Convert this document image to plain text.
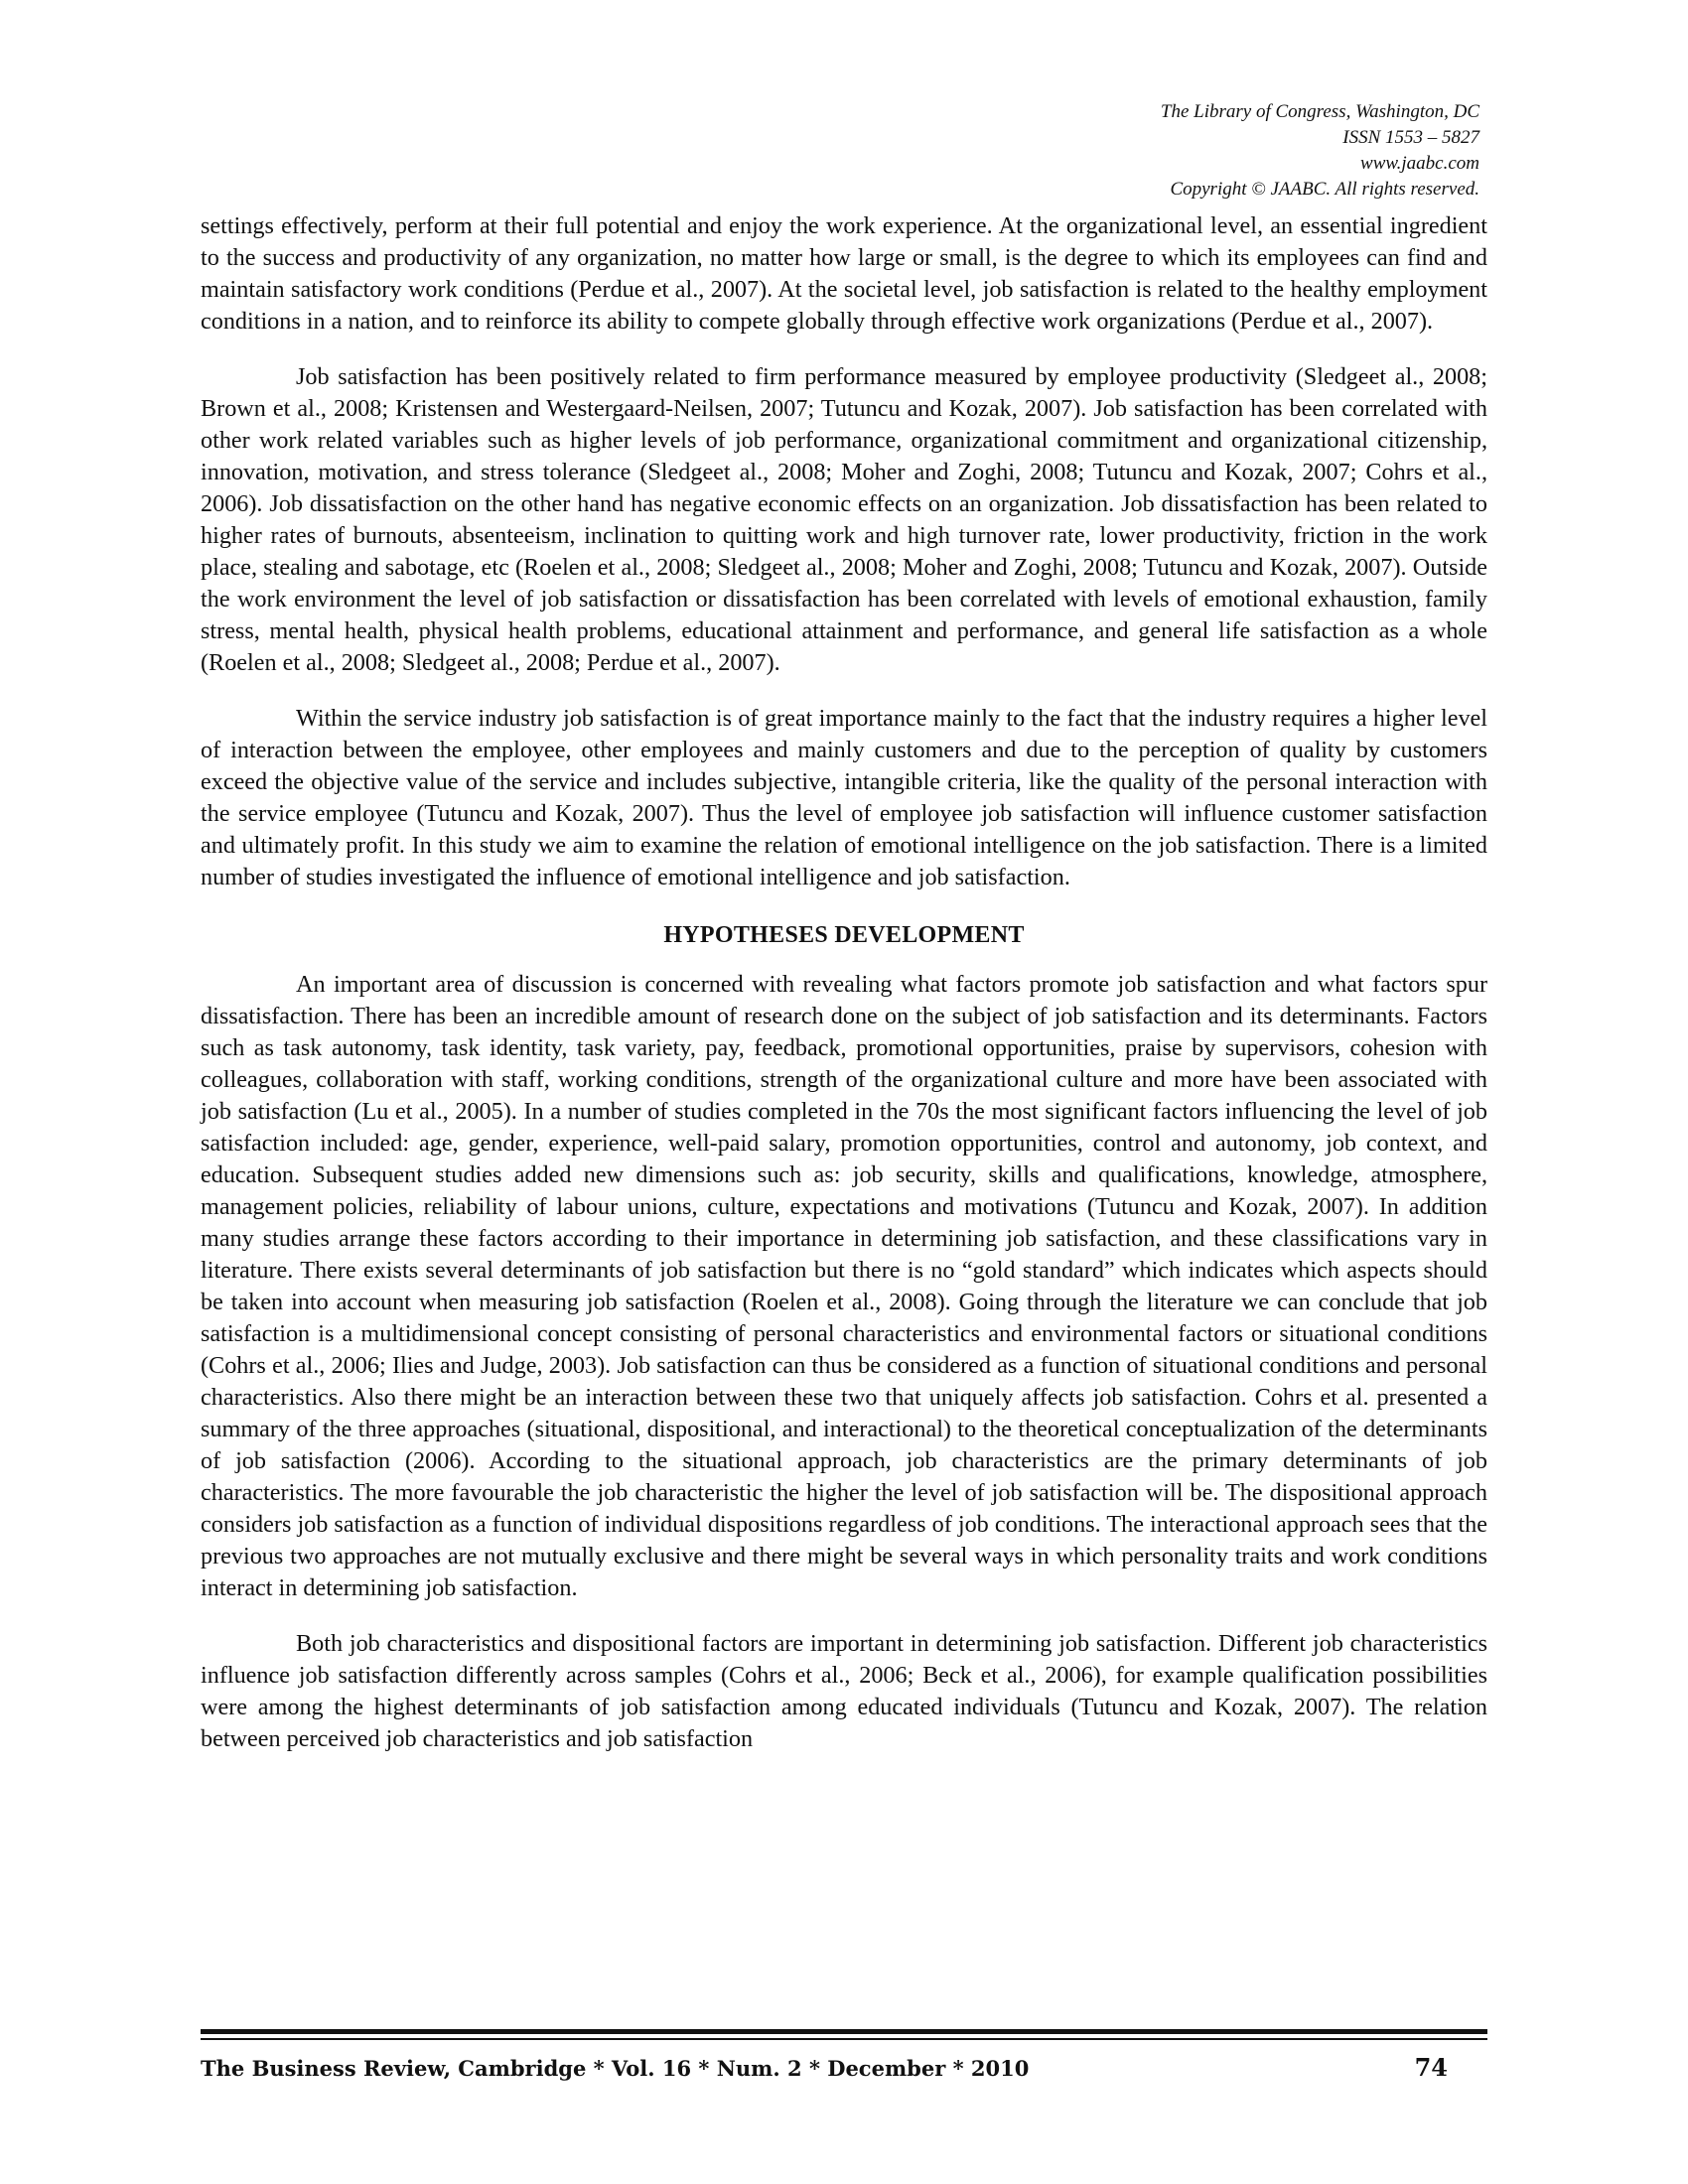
The Library of Congress, Washington, DC
ISSN 1553 – 5827
www.jaabc.com
Copyright © JAABC. All rights reserved.

settings effectively, perform at their full potential and enjoy the work experience. At the organizational level, an essential ingredient to the success and productivity of any organization, no matter how large or small, is the degree to which its employees can find and maintain satisfactory work conditions (Perdue et al., 2007). At the societal level, job satisfaction is related to the healthy employment conditions in a nation, and to reinforce its ability to compete globally through effective work organizations (Perdue et al., 2007).

Job satisfaction has been positively related to firm performance measured by employee productivity (Sledgeet al., 2008; Brown et al., 2008; Kristensen and Westergaard-Neilsen, 2007; Tutuncu and Kozak, 2007). Job satisfaction has been correlated with other work related variables such as higher levels of job performance, organizational commitment and organizational citizenship, innovation, motivation, and stress tolerance (Sledgeet al., 2008; Moher and Zoghi, 2008; Tutuncu and Kozak, 2007; Cohrs et al., 2006). Job dissatisfaction on the other hand has negative economic effects on an organization. Job dissatisfaction has been related to higher rates of burnouts, absenteeism, inclination to quitting work and high turnover rate, lower productivity, friction in the work place, stealing and sabotage, etc (Roelen et al., 2008; Sledgeet al., 2008; Moher and Zoghi, 2008; Tutuncu and Kozak, 2007). Outside the work environment the level of job satisfaction or dissatisfaction has been correlated with levels of emotional exhaustion, family stress, mental health, physical health problems, educational attainment and performance, and general life satisfaction as a whole (Roelen et al., 2008; Sledgeet al., 2008; Perdue et al., 2007).

Within the service industry job satisfaction is of great importance mainly to the fact that the industry requires a higher level of interaction between the employee, other employees and mainly customers and due to the perception of quality by customers exceed the objective value of the service and includes subjective, intangible criteria, like the quality of the personal interaction with the service employee (Tutuncu and Kozak, 2007). Thus the level of employee job satisfaction will influence customer satisfaction and ultimately profit. In this study we aim to examine the relation of emotional intelligence on the job satisfaction. There is a limited number of studies investigated the influence of emotional intelligence and job satisfaction.

HYPOTHESES DEVELOPMENT

An important area of discussion is concerned with revealing what factors promote job satisfaction and what factors spur dissatisfaction. There has been an incredible amount of research done on the subject of job satisfaction and its determinants. Factors such as task autonomy, task identity, task variety, pay, feedback, promotional opportunities, praise by supervisors, cohesion with colleagues, collaboration with staff, working conditions, strength of the organizational culture and more have been associated with job satisfaction (Lu et al., 2005). In a number of studies completed in the 70s the most significant factors influencing the level of job satisfaction included: age, gender, experience, well-paid salary, promotion opportunities, control and autonomy, job context, and education. Subsequent studies added new dimensions such as: job security, skills and qualifications, knowledge, atmosphere, management policies, reliability of labour unions, culture, expectations and motivations (Tutuncu and Kozak, 2007). In addition many studies arrange these factors according to their importance in determining job satisfaction, and these classifications vary in literature. There exists several determinants of job satisfaction but there is no “gold standard” which indicates which aspects should be taken into account when measuring job satisfaction (Roelen et al., 2008). Going through the literature we can conclude that job satisfaction is a multidimensional concept consisting of personal characteristics and environmental factors or situational conditions (Cohrs et al., 2006; Ilies and Judge, 2003). Job satisfaction can thus be considered as a function of situational conditions and personal characteristics. Also there might be an interaction between these two that uniquely affects job satisfaction. Cohrs et al. presented a summary of the three approaches (situational, dispositional, and interactional) to the theoretical conceptualization of the determinants of job satisfaction (2006). According to the situational approach, job characteristics are the primary determinants of job characteristics. The more favourable the job characteristic the higher the level of job satisfaction will be. The dispositional approach considers job satisfaction as a function of individual dispositions regardless of job conditions. The interactional approach sees that the previous two approaches are not mutually exclusive and there might be several ways in which personality traits and work conditions interact in determining job satisfaction.

Both job characteristics and dispositional factors are important in determining job satisfaction. Different job characteristics influence job satisfaction differently across samples (Cohrs et al., 2006; Beck et al., 2006), for example qualification possibilities were among the highest determinants of job satisfaction among educated individuals (Tutuncu and Kozak, 2007). The relation between perceived job characteristics and job satisfaction

The Business Review, Cambridge * Vol. 16 * Num. 2 * December * 2010	74
